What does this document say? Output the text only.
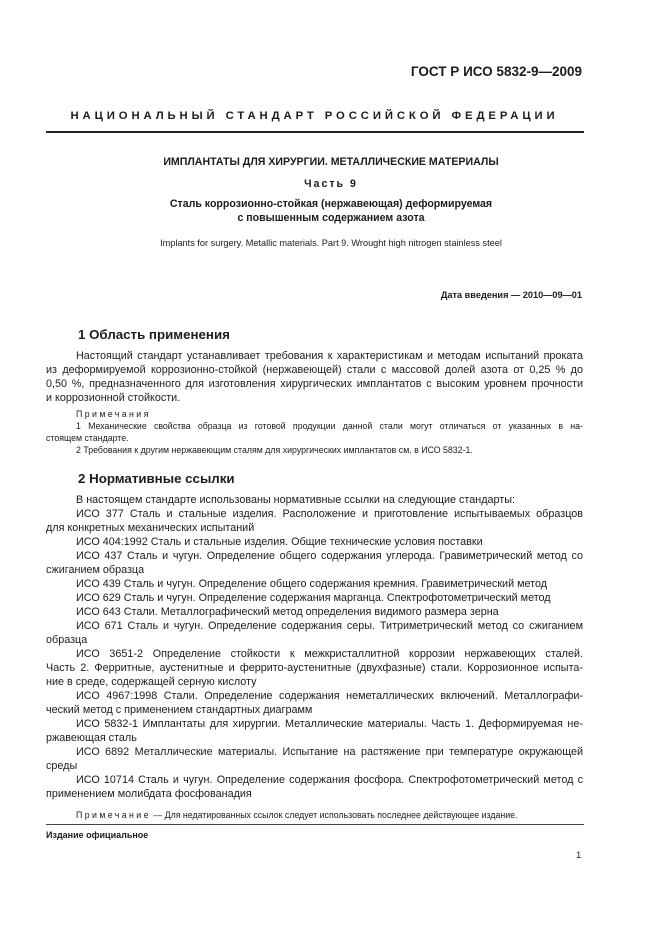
ГОСТ Р ИСО 5832-9—2009
НАЦИОНАЛЬНЫЙ СТАНДАРТ РОССИЙСКОЙ ФЕДЕРАЦИИ
ИМПЛАНТАТЫ ДЛЯ ХИРУРГИИ. МЕТАЛЛИЧЕСКИЕ МАТЕРИАЛЫ
Часть 9
Сталь коррозионно-стойкая (нержавеющая) деформируемая
с повышенным содержанием азота
Implants for surgery. Metallic materials. Part 9. Wrought high nitrogen stainless steel
Дата введения — 2010—09—01
1 Область применения
Настоящий стандарт устанавливает требования к характеристикам и методам испытаний проката
из деформируемой коррозионно-стойкой (нержавеющей) стали с массовой долей азота от 0,25 % до
0,50 %, предназначенного для изготовления хирургических имплантатов с высоким уровнем прочности
и коррозионной стойкости.
Примечания
1 Механические свойства образца из готовой продукции данной стали могут отличаться от указанных в на-
стоящем стандарте.
2 Требования к другим нержавеющим сталям для хирургических имплантатов см. в ИСО 5832-1.
2 Нормативные ссылки
В настоящем стандарте использованы нормативные ссылки на следующие стандарты:
ИСО 377 Сталь и стальные изделия. Расположение и приготовление испытываемых образцов
для конкретных механических испытаний
ИСО 404:1992 Сталь и стальные изделия. Общие технические условия поставки
ИСО 437 Сталь и чугун. Определение общего содержания углерода. Гравиметрический метод со
сжиганием образца
ИСО 439 Сталь и чугун. Определение общего содержания кремния. Гравиметрический метод
ИСО 629 Сталь и чугун. Определение содержания марганца. Спектрофотометрический метод
ИСО 643 Стали. Металлографический метод определения видимого размера зерна
ИСО 671 Сталь и чугун. Определение содержания серы. Титриметрический метод со сжиганием
образца
ИСО 3651-2 Определение стойкости к межкристаллитной коррозии нержавеющих сталей.
Часть 2. Ферритные, аустенитные и феррито-аустенитные (двухфазные) стали. Коррозионное испыта-
ние в среде, содержащей серную кислоту
ИСО 4967:1998 Стали. Определение содержания неметаллических включений. Металлографи-
ческий метод с применением стандартных диаграмм
ИСО 5832-1 Имплантаты для хирургии. Металлические материалы. Часть 1. Деформируемая не-
ржавеющая сталь
ИСО 6892 Металлические материалы. Испытание на растяжение при температуре окружающей
среды
ИСО 10714 Сталь и чугун. Определение содержания фосфора. Спектрофотометрический метод с
применением молибдата фосфованадия
Примечание — Для недатированных ссылок следует использовать последнее действующее издание.
Издание официальное
1
